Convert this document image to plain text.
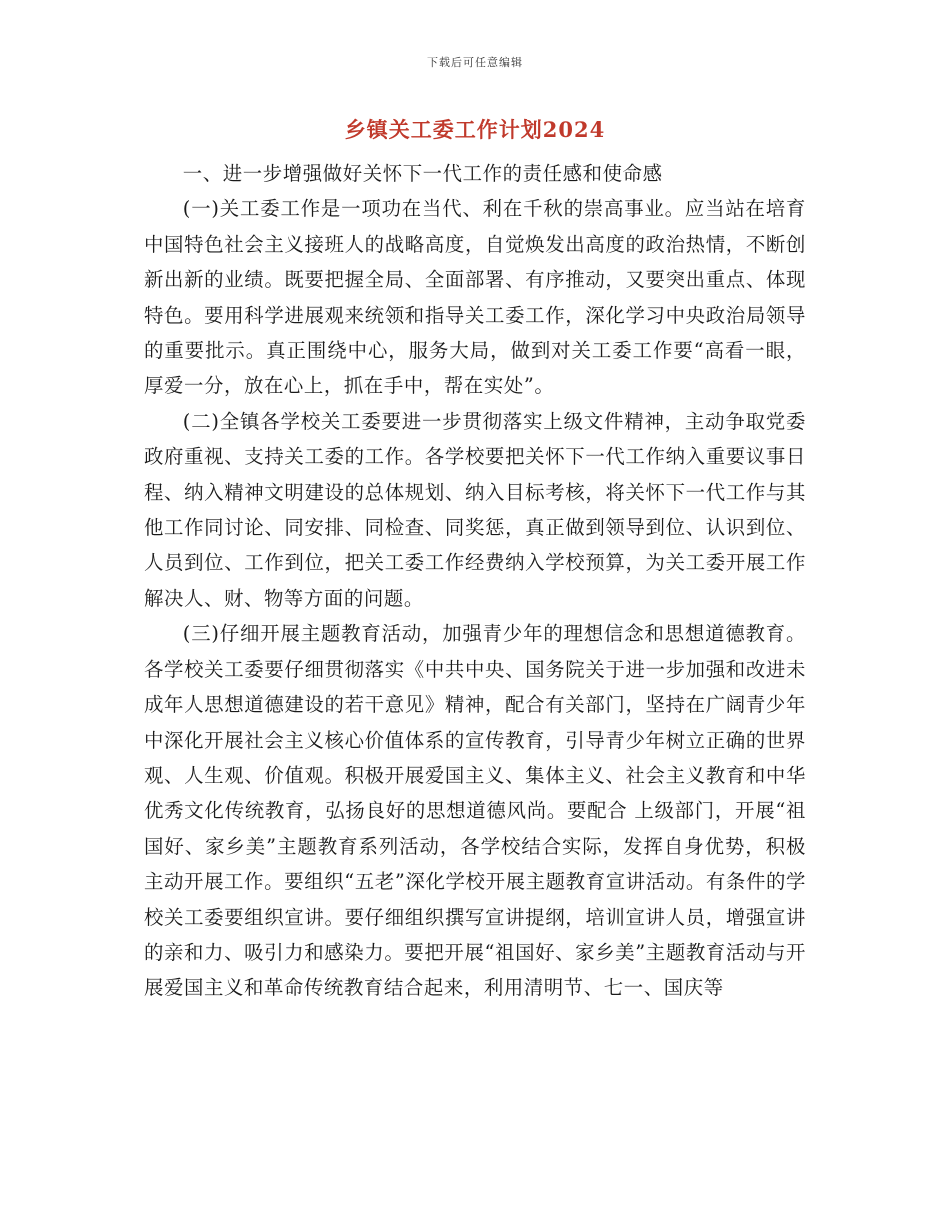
下载后可任意编辑
乡镇关工委工作计划2024

一、进一步增强做好关怀下一代工作的责任感和使命感

(一)关工委工作是一项功在当代、利在千秋的崇高事业。应当站在培育中国特色社会主义接班人的战略高度，自觉焕发出高度的政治热情，不断创新出新的业绩。既要把握全局、全面部署、有序推动，又要突出重点、体现特色。要用科学进展观来统领和指导关工委工作，深化学习中央政治局领导的重要批示。真正围绕中心，服务大局，做到对关工委工作要“高看一眼，厚爱一分，放在心上，抓在手中，帮在实处”。

(二)全镇各学校关工委要进一步贯彻落实上级文件精神，主动争取党委政府重视、支持关工委的工作。各学校要把关怀下一代工作纳入重要议事日程、纳入精神文明建设的总体规划、纳入目标考核，将关怀下一代工作与其他工作同讨论、同安排、同检查、同奖惩，真正做到领导到位、认识到位、人员到位、工作到位，把关工委工作经费纳入学校预算，为关工委开展工作解决人、财、物等方面的问题。

(三)仔细开展主题教育活动，加强青少年的理想信念和思想道德教育。各学校关工委要仔细贯彻落实《中共中央、国务院关于进一步加强和改进未成年人思想道德建设的若干意见》精神，配合有关部门，坚持在广阔青少年中深化开展社会主义核心价值体系的宣传教育，引导青少年树立正确的世界观、人生观、价值观。积极开展爱国主义、集体主义、社会主义教育和中华优秀文化传统教育，弘扬良好的思想道德风尚。要配合 上级部门，开展“祖国好、家乡美”主题教育系列活动，各学校结合实际，发挥自身优势，积极主动开展工作。要组织“五老”深化学校开展主题教育宣讲活动。有条件的学校关工委要组织宣讲。要仔细组织撰写宣讲提纲，培训宣讲人员，增强宣讲的亲和力、吸引力和感染力。要把开展“祖国好、家乡美”主题教育活动与开展爱国主义和革命传统教育结合起来，利用清明节、七一、国庆等
